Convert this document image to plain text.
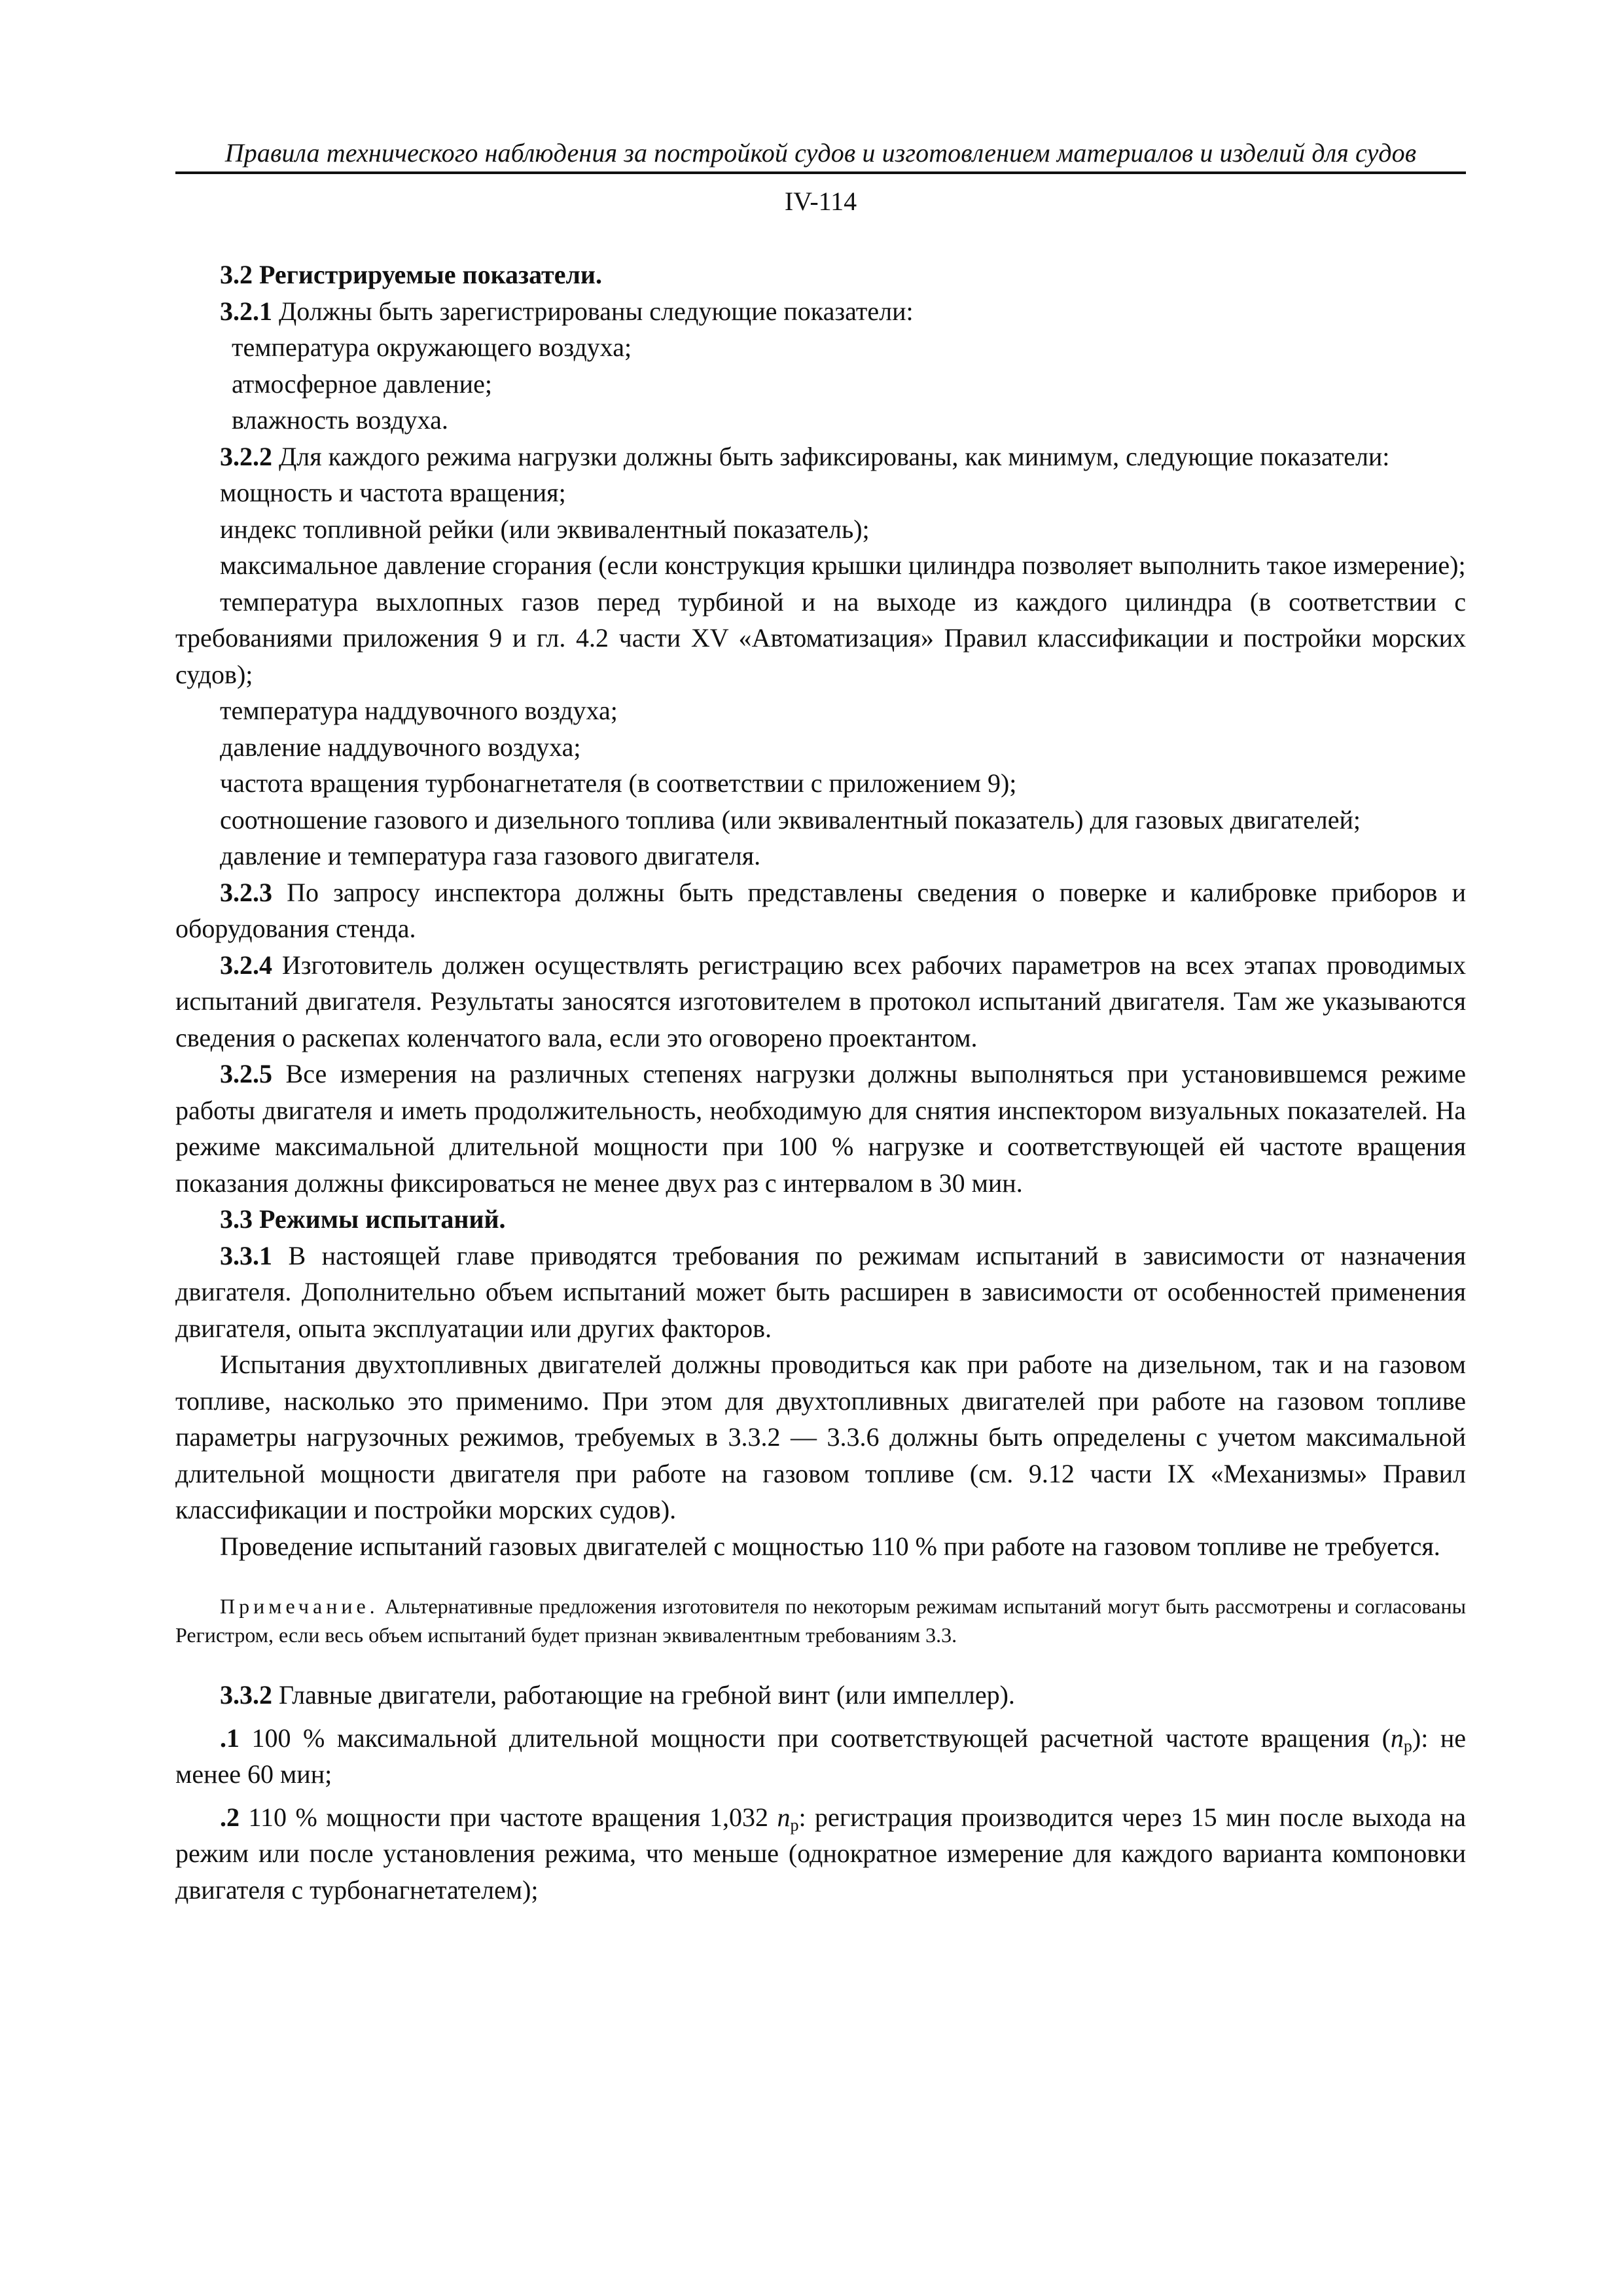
Правила технического наблюдения за постройкой судов и изготовлением материалов и изделий для судов
IV-114

3.2 Регистрируемые показатели.

3.2.1 Должны быть зарегистрированы следующие показатели:

температура окружающего воздуха;

атмосферное давление;

влажность воздуха.

3.2.2 Для каждого режима нагрузки должны быть зафиксированы, как минимум, следующие показатели:

мощность и частота вращения;

индекс топливной рейки (или эквивалентный показатель);

максимальное давление сгорания (если конструкция крышки цилиндра позволяет выполнить такое измерение);

температура выхлопных газов перед турбиной и на выходе из каждого цилиндра (в соответствии с требованиями приложения 9 и гл. 4.2 части XV «Автоматизация» Правил классификации и постройки морских судов);

температура наддувочного воздуха;

давление наддувочного воздуха;

частота вращения турбонагнетателя (в соответствии с приложением 9);

соотношение газового и дизельного топлива (или эквивалентный показатель) для газовых двигателей;

давление и температура газа газового двигателя.

3.2.3 По запросу инспектора должны быть представлены сведения о поверке и калибровке приборов и оборудования стенда.

3.2.4 Изготовитель должен осуществлять регистрацию всех рабочих параметров на всех этапах проводимых испытаний двигателя. Результаты заносятся изготовителем в протокол испытаний двигателя. Там же указываются сведения о раскепах коленчатого вала, если это оговорено проектантом.

3.2.5 Все измерения на различных степенях нагрузки должны выполняться при установившемся режиме работы двигателя и иметь продолжительность, необходимую для снятия инспектором визуальных показателей. На режиме максимальной длительной мощности при 100 % нагрузке и соответствующей ей частоте вращения показания должны фиксироваться не менее двух раз с интервалом в 30 мин.

3.3 Режимы испытаний.

3.3.1 В настоящей главе приводятся требования по режимам испытаний в зависимости от назначения двигателя. Дополнительно объем испытаний может быть расширен в зависимости от особенностей применения двигателя, опыта эксплуатации или других факторов.

Испытания двухтопливных двигателей должны проводиться как при работе на дизельном, так и на газовом топливе, насколько это применимо. При этом для двухтопливных двигателей при работе на газовом топливе параметры нагрузочных режимов, требуемых в 3.3.2 — 3.3.6 должны быть определены с учетом максимальной длительной мощности двигателя при работе на газовом топливе (см. 9.12 части IX «Механизмы» Правил классификации и постройки морских судов).

Проведение испытаний газовых двигателей с мощностью 110 % при работе на газовом топливе не требуется.

Примечание. Альтернативные предложения изготовителя по некоторым режимам испытаний могут быть рассмотрены и согласованы Регистром, если весь объем испытаний будет признан эквивалентным требованиям 3.3.

3.3.2 Главные двигатели, работающие на гребной винт (или импеллер).

.1 100 % максимальной длительной мощности при соответствующей расчетной частоте вращения (nр): не менее 60 мин;

.2 110 % мощности при частоте вращения 1,032 nр: регистрация производится через 15 мин после выхода на режим или после установления режима, что меньше (однократное измерение для каждого варианта компоновки двигателя с турбонагнетателем);
